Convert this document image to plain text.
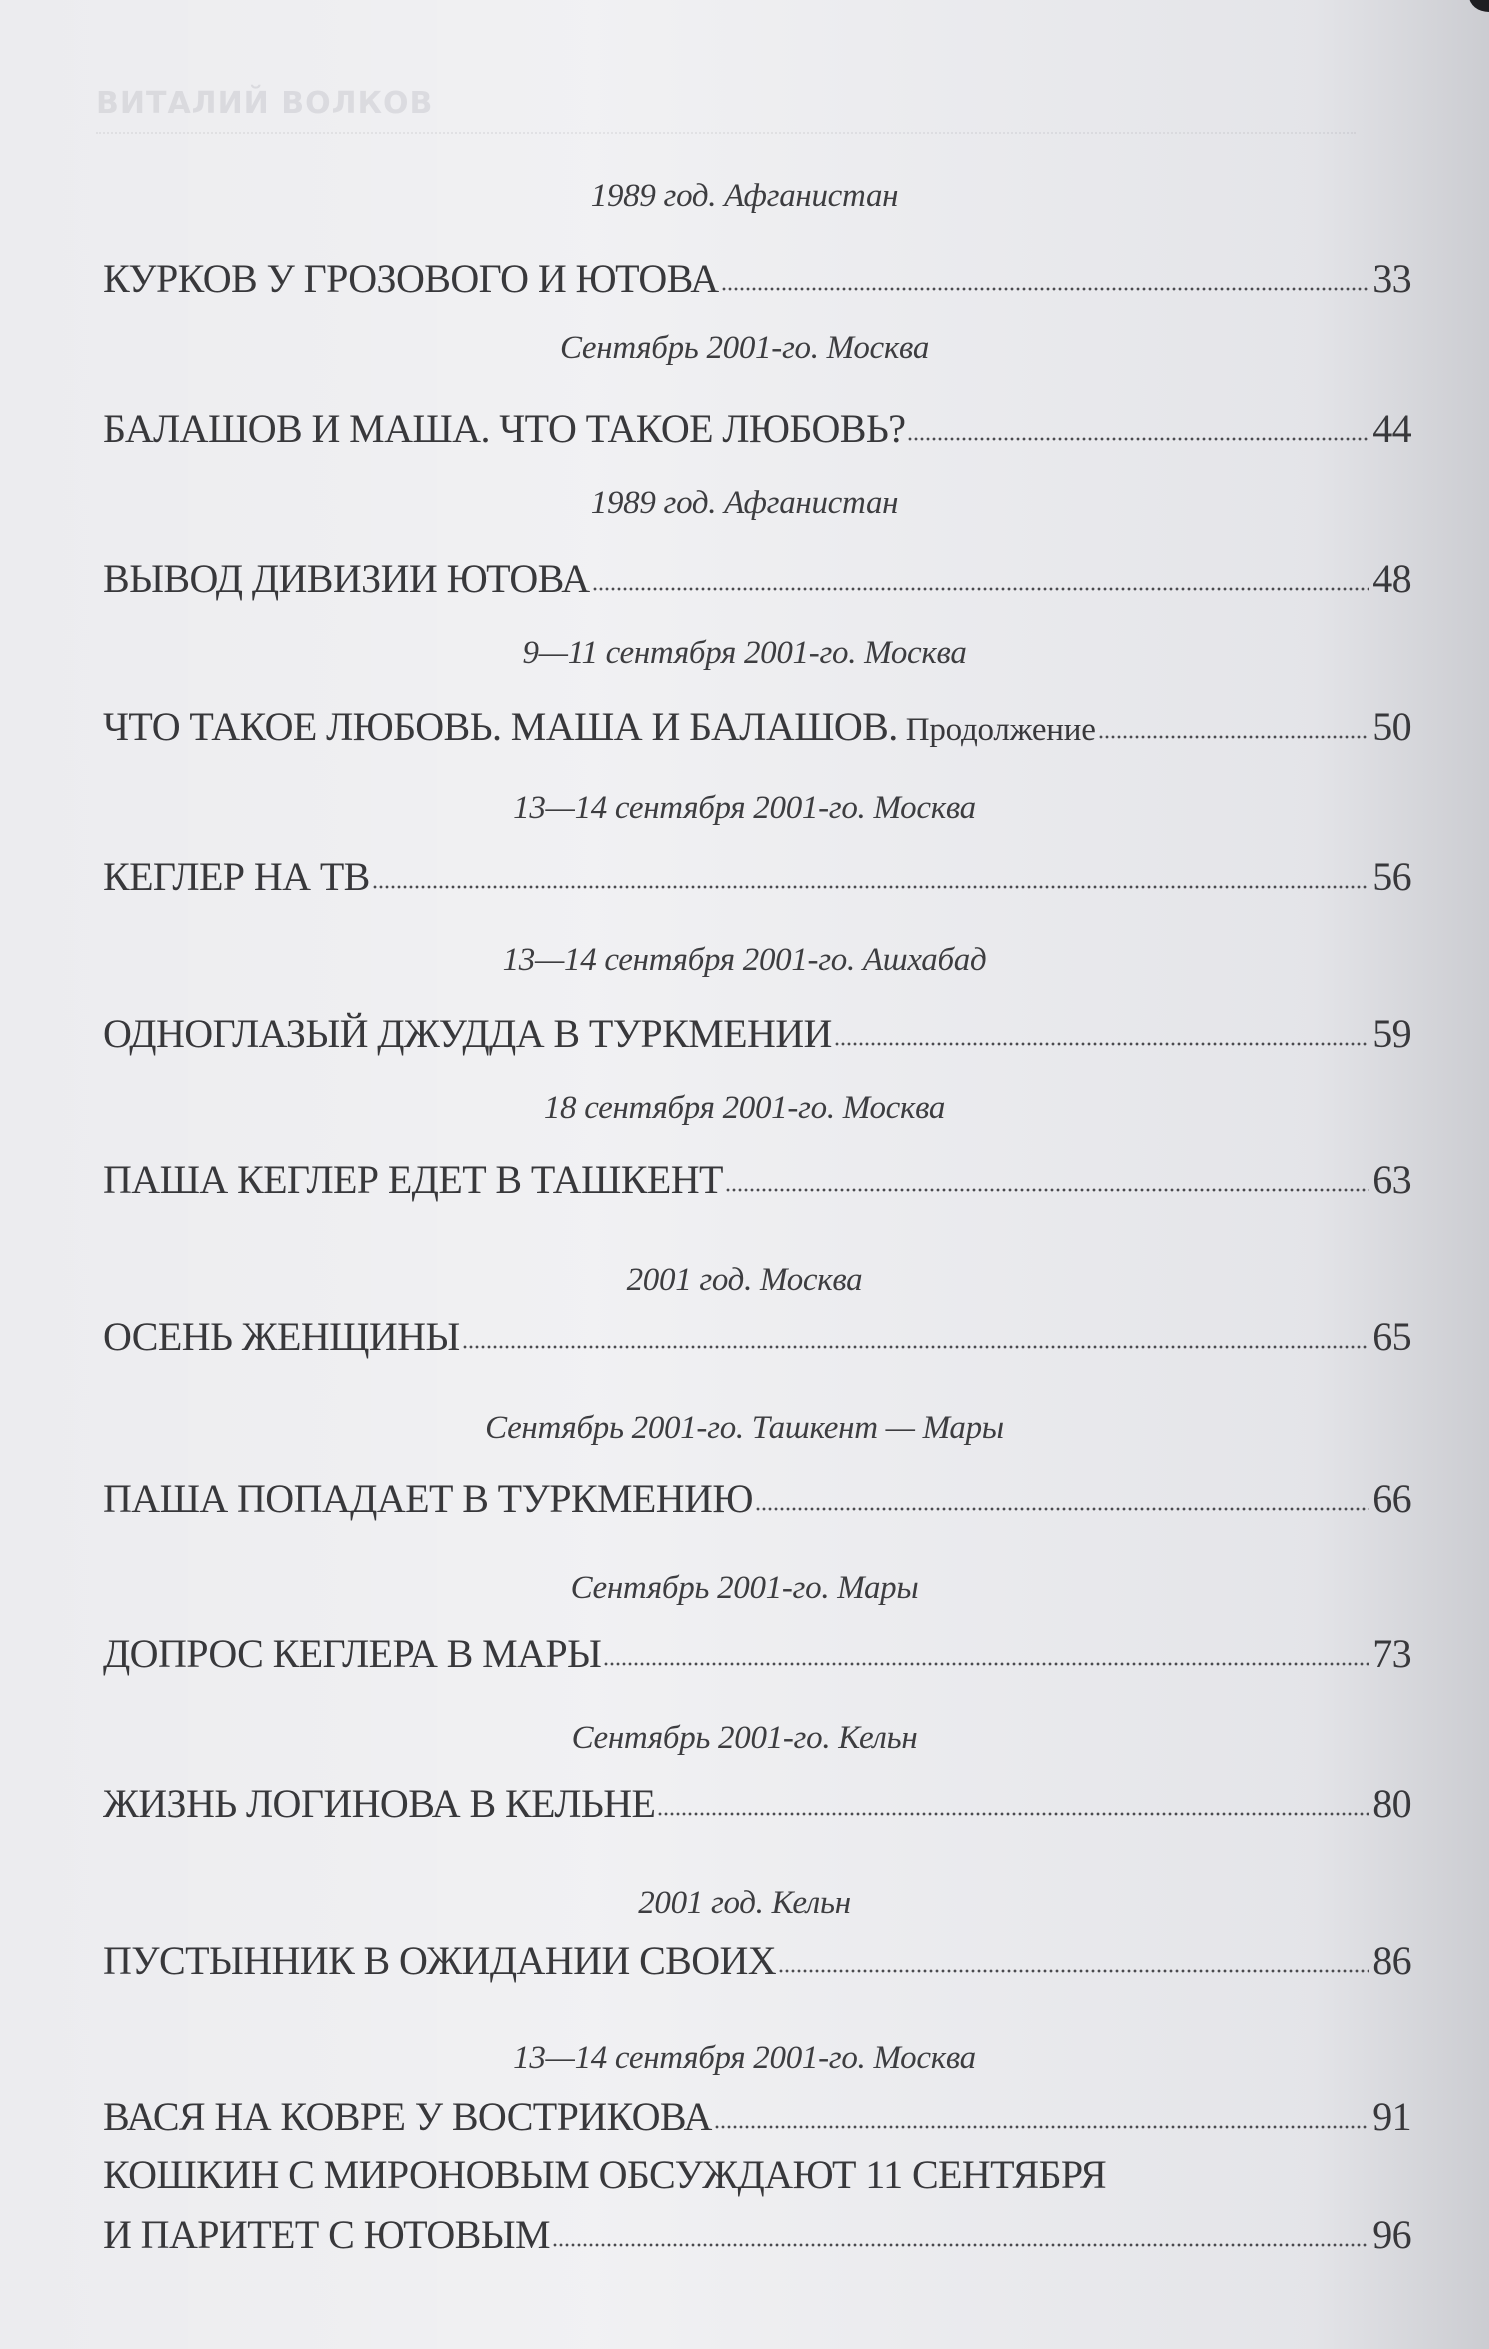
ВИТАЛИЙ ВОЛКОВ
1989 год. Афганистан
КУРКОВ У ГРОЗОВОГО И ЮТОВА	33
Сентябрь 2001-го. Москва
БАЛАШОВ И МАША. ЧТО ТАКОЕ ЛЮБОВЬ?	44
1989 год. Афганистан
ВЫВОД ДИВИЗИИ ЮТОВА	48
9—11 сентября 2001-го. Москва
ЧТО ТАКОЕ ЛЮБОВЬ. МАША И БАЛАШОВ. Продолжение	50
13—14 сентября 2001-го. Москва
КЕГЛЕР НА ТВ	56
13—14 сентября 2001-го. Ашхабад
ОДНОГЛАЗЫЙ ДЖУДДА В ТУРКМЕНИИ	59
18 сентября 2001-го. Москва
ПАША КЕГЛЕР ЕДЕТ В ТАШКЕНТ	63
2001 год. Москва
ОСЕНЬ ЖЕНЩИНЫ	65
Сентябрь 2001-го. Ташкент — Мары
ПАША ПОПАДАЕТ В ТУРКМЕНИЮ	66
Сентябрь 2001-го. Мары
ДОПРОС КЕГЛЕРА В МАРЫ	73
Сентябрь 2001-го. Кельн
ЖИЗНЬ ЛОГИНОВА В КЕЛЬНЕ	80
2001 год. Кельн
ПУСТЫННИК В ОЖИДАНИИ СВОИХ	86
13—14 сентября 2001-го. Москва
ВАСЯ НА КОВРЕ У ВОСТРИКОВА	91
КОШКИН С МИРОНОВЫМ ОБСУЖДАЮТ 11 СЕНТЯБРЯ
И ПАРИТЕТ С ЮТОВЫМ	96
